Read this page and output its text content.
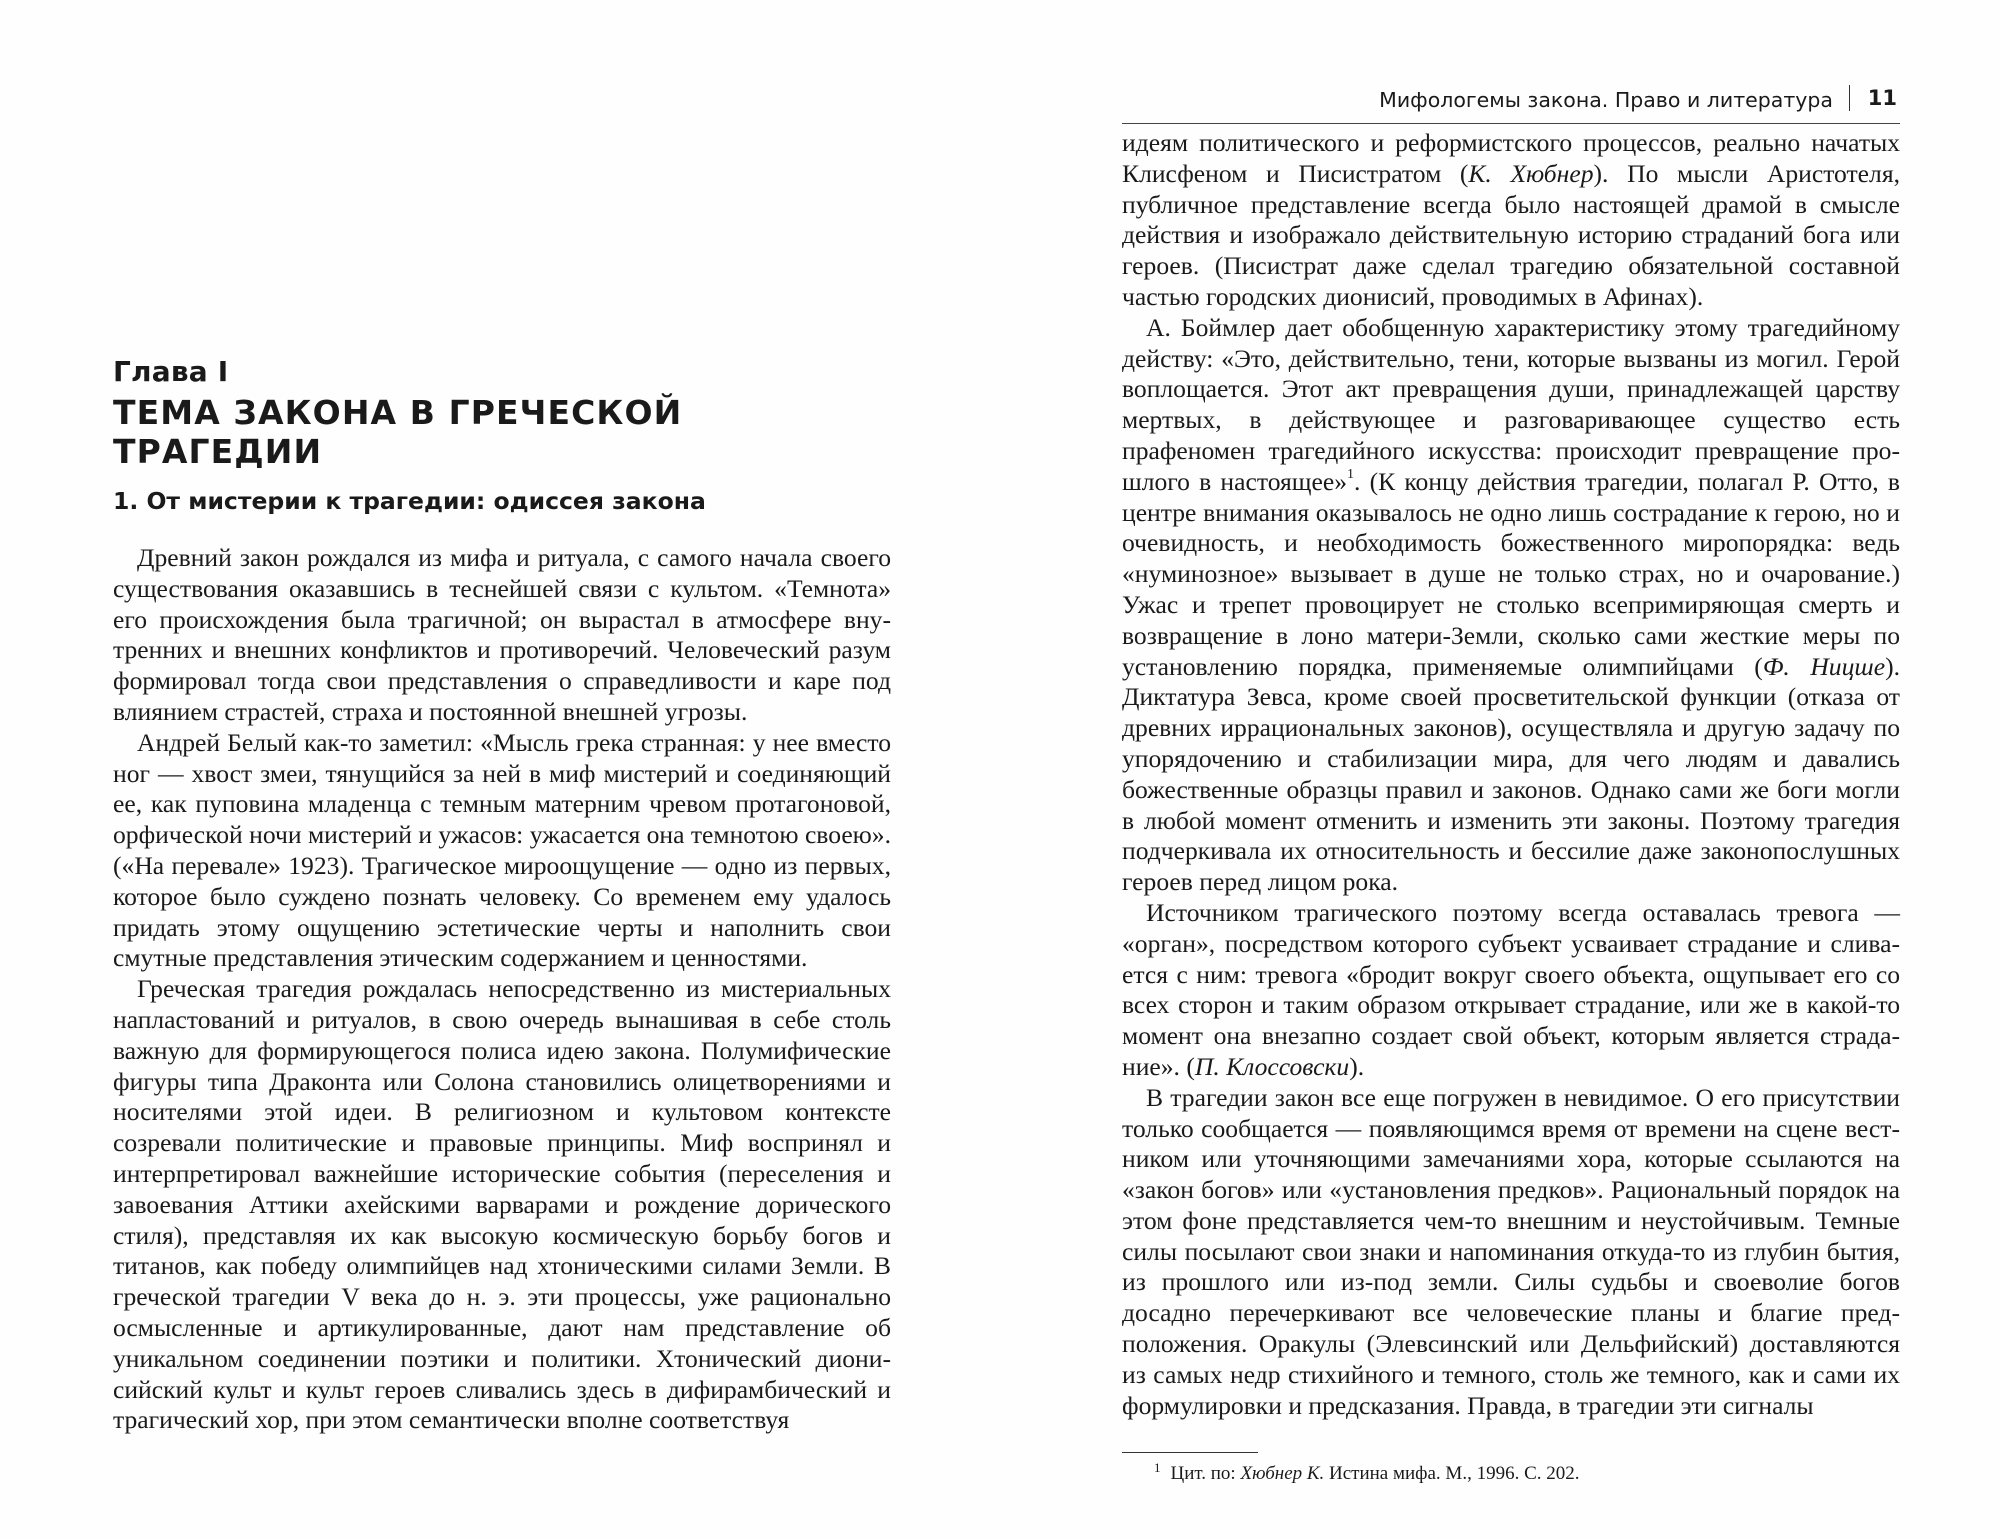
Глава I
ТЕМА ЗАКОНА В ГРЕЧЕСКОЙ ТРАГЕДИИ
1. От мистерии к трагедии: одиссея закона

Древний закон рождался из мифа и ритуала, с самого начала своего существования оказавшись в теснейшей связи с культом. «Темнота» его происхождения была трагичной; он вырастал в атмосфере внутренних и внешних конфликтов и противоречий. Человеческий разум формировал тогда свои представления о справедливости и каре под влиянием страстей, страха и постоянной внешней угрозы.

Андрей Белый как-то заметил: «Мысль грека странная: у нее вместо ног — хвост змеи, тянущийся за ней в миф мистерий и соединяющий ее, как пуповина младенца с темным матерним чревом протагоновой, орфической ночи мистерий и ужасов: ужасается она темнотою своею». («На перевале» 1923). Трагическое мироощущение — одно из первых, которое было суждено познать человеку. Со временем ему удалось придать этому ощущению эстетические черты и наполнить свои смутные представления этическим содержанием и ценностями.

Греческая трагедия рождалась непосредственно из мистериальных напластований и ритуалов, в свою очередь вынашивая в себе столь важную для формирующегося полиса идею закона. Полумифические фигуры типа Драконта или Солона становились олицетворениями и носителями этой идеи. В религиозном и культовом контексте созревали политические и правовые принципы. Миф воспринял и интерпретировал важнейшие исторические события (переселения и завоевания Аттики ахейскими варварами и рождение дорического стиля), представляя их как высокую космическую борьбу богов и титанов, как победу олимпийцев над хтоническими силами Земли. В греческой трагедии V века до н. э. эти процессы, уже рационально осмысленные и артикулированные, дают нам представление об уникальном соединении поэтики и политики. Хтонический дионисийский культ и культ героев сливались здесь в дифирамбический и трагический хор, при этом семантически вполне соответствуя

Мифологемы закона. Право и литература 11

идеям политического и реформистского процессов, реально начатых Клисфеном и Писистратом (К. Хюбнер). По мысли Аристотеля, публичное представление всегда было настоящей драмой в смысле действия и изображало действительную историю страданий бога или героев. (Писистрат даже сделал трагедию обязательной составной частью городских дионисий, проводимых в Афинах).

А. Боймлер дает обобщенную характеристику этому трагедийному действу: «Это, действительно, тени, которые вызваны из могил. Герой воплощается. Этот акт превращения души, принадлежащей царству мертвых, в действующее и разговаривающее существо есть прафеномен трагедийного искусства: происходит превращение прошлого в настоящее»$^1$. (К концу действия трагедии, полагал Р. Отто, в центре внимания оказывалось не одно лишь сострадание к герою, но и очевидность, и необходимость божественного миропорядка: ведь «нуминозное» вызывает в душе не только страх, но и очарование.) Ужас и трепет провоцирует не столько всепримиряющая смерть и возвращение в лоно матери-Земли, сколько сами жесткие меры по установлению порядка, применяемые олимпийцами (Ф. Ницше). Диктатура Зевса, кроме своей просветительской функции (отказа от древних иррациональных законов), осуществляла и другую задачу по упорядочению и стабилизации мира, для чего людям и давались божественные образцы правил и законов. Однако сами же боги могли в любой момент отменить и изменить эти законы. Поэтому трагедия подчеркивала их относительность и бессилие даже законопослушных героев перед лицом рока.

Источником трагического поэтому всегда оставалась тревога — «орган», посредством которого субъект усваивает страдание и сливается с ним: тревога «бродит вокруг своего объекта, ощупывает его со всех сторон и таким образом открывает страдание, или же в какой-то момент она внезапно создает свой объект, которым является страдание». (П. Клоссовски).

В трагедии закон все еще погружен в невидимое. О его присутствии только сообщается — появляющимся время от времени на сцене вестником или уточняющими замечаниями хора, которые ссылаются на «закон богов» или «установления предков». Рациональный порядок на этом фоне представляется чем-то внешним и неустойчивым. Темные силы посылают свои знаки и напоминания откуда-то из глубин бытия, из прошлого или из-под земли. Силы судьбы и своеволие богов досадно перечеркивают все человеческие планы и благие предположения. Оракулы (Элевсинский или Дельфийский) доставляются из самых недр стихийного и темного, столь же темного, как и сами их формулировки и предсказания. Правда, в трагедии эти сигналы

$^1$ Цит. по: Хюбнер К. Истина мифа. М., 1996. С. 202.
